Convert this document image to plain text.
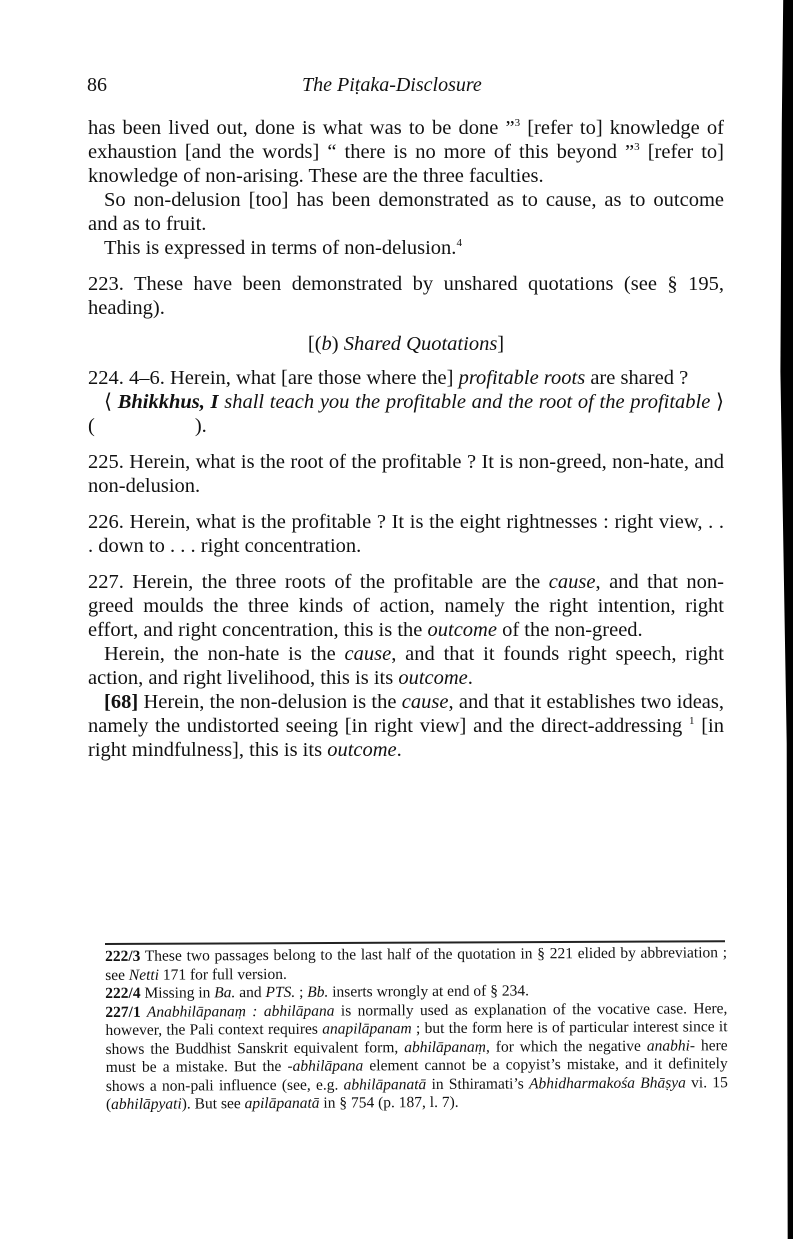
86	The Piṭaka-Disclosure

has been lived out, done is what was to be done ”$^3$ [refer to] knowledge of exhaustion [and the words] “ there is no more of this beyond ”$^3$ [refer to] knowledge of non-arising. These are the three faculties.

So non-delusion [too] has been demonstrated as to cause, as to outcome and as to fruit.

This is expressed in terms of non-delusion.$^4$

223. These have been demonstrated by unshared quotations (see § 195, heading).

[(b) Shared Quotations]

224. 4–6. Herein, what [are those where the] profitable roots are shared ?

⟨ Bhikkhus, I shall teach you the profitable and the root of the profitable ⟩ (	).

225. Herein, what is the root of the profitable ? It is non-greed, non-hate, and non-delusion.

226. Herein, what is the profitable ? It is the eight rightnesses : right view, . . . down to . . . right concentration.

227. Herein, the three roots of the profitable are the cause, and that non-greed moulds the three kinds of action, namely the right intention, right effort, and right concentration, this is the outcome of the non-greed.

Herein, the non-hate is the cause, and that it founds right speech, right action, and right livelihood, this is its outcome.

[68] Herein, the non-delusion is the cause, and that it establishes two ideas, namely the undistorted seeing [in right view] and the direct-addressing $^1$ [in right mindfulness], this is its outcome.

222/3 These two passages belong to the last half of the quotation in § 221 elided by abbreviation ; see Netti 171 for full version.

222/4 Missing in Ba. and PTS. ; Bb. inserts wrongly at end of § 234.

227/1 Anabhilāpanaṃ : abhilāpana is normally used as explanation of the vocative case. Here, however, the Pali context requires anapilāpanam ; but the form here is of particular interest since it shows the Buddhist Sanskrit equivalent form, abhilāpanaṃ, for which the negative anabhi- here must be a mistake. But the -abhilāpana element cannot be a copyist’s mistake, and it definitely shows a non-pali influence (see, e.g. abhilāpanatā in Sthiramati’s Abhidharmakośa Bhāṣya vi. 15 (abhilāpyati). But see apilāpanatā in § 754 (p. 187, l. 7).
